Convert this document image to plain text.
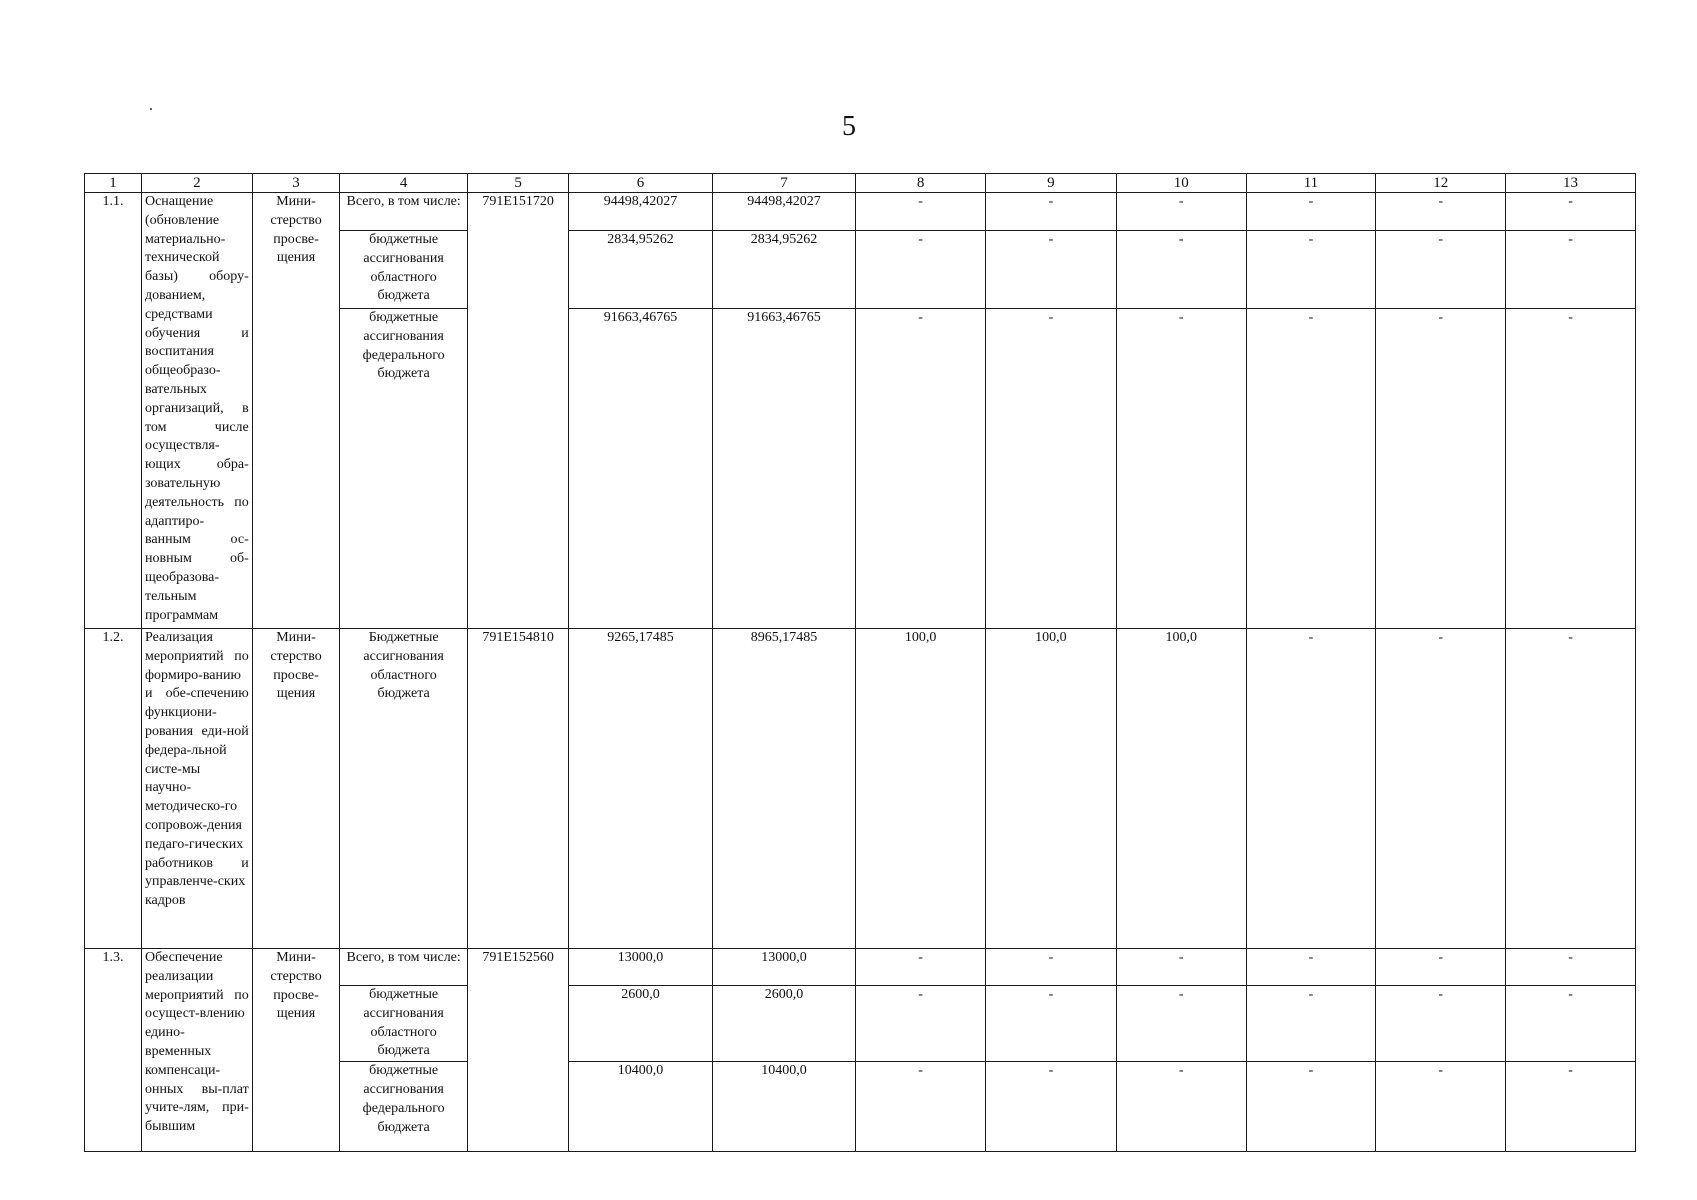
5
1	2	3	4	5	6	7	8	9	10	11	12	13
1.1.	Оснащение (обновление материально-технической базы) обору-дованием, средствами обучения и воспитания общеобразо-вательных организаций, в том числе осуществля-ющих обра-зовательную деятельность по адаптиро-ванным ос-новным об-щеобразова-тельным программам	Мини-стерство просве-щения	Всего, в том числе:	791Е151720	94498,42027	94498,42027	-	-	-	-	-	-
			бюджетные ассигнования областного бюджета		2834,95262	2834,95262	-	-	-	-	-	-
			бюджетные ассигнования федерального бюджета		91663,46765	91663,46765	-	-	-	-	-	-
1.2.	Реализация мероприятий по формиро-ванию и обе-спечению функциони-рования еди-ной федера-льной систе-мы научно-методическо-го сопровож-дения педаго-гических работников и управленче-ских кадров	Мини-стерство просве-щения	Бюджетные ассигнования областного бюджета	791Е154810	9265,17485	8965,17485	100,0	100,0	100,0	-	-	-
1.3.	Обеспечение реализации мероприятий по осущест-влению едино-временных компенсаци-онных вы-плат учите-лям, при-бывшим	Мини-стерство просве-щения	Всего, в том числе:	791Е152560	13000,0	13000,0	-	-	-	-	-	-
			бюджетные ассигнования областного бюджета		2600,0	2600,0	-	-	-	-	-	-
			бюджетные ассигнования федерального бюджета		10400,0	10400,0	-	-	-	-	-	-
